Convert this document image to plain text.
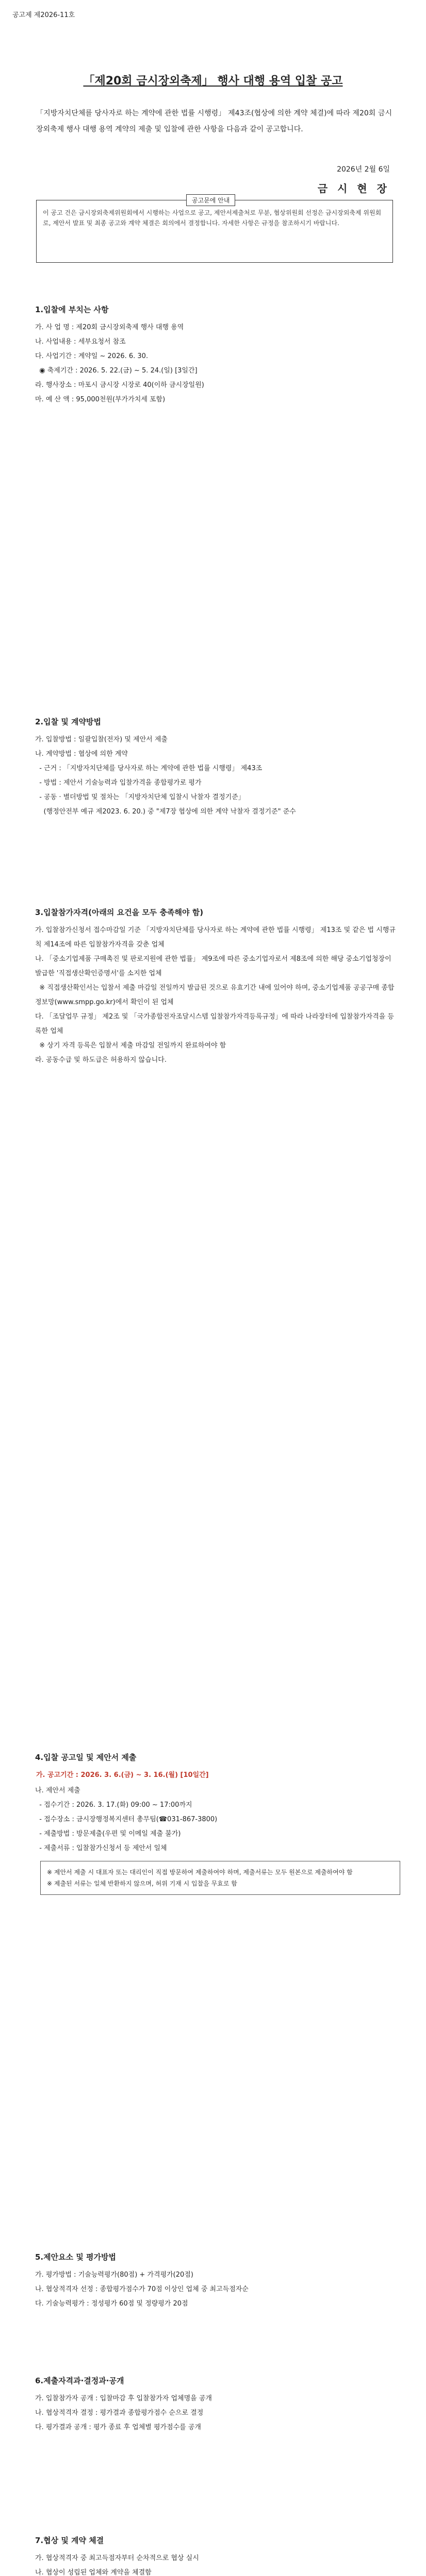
공고제 제2026-11호
「제20회 금시장외축제」 행사 대행 용역 입찰 공고
「지방자치단체를 당사자로 하는 계약에 관한 법률 시행령」 제43조(협상에 의한 계약 체결)에 따라 제20회 금시장외축제 행사 대행 용역 계약의 제출 및 입찰에 관한 사항을 다음과 같이 공고합니다.
2026년 2월 6일
금 시 현 장
공고문에 안내
이 공고 건은 금시장외축제위원회에서 시행하는 사업으로 공고, 제안서제출처로 무분, 협상위원회 선정은 금시장외축제 위원회로, 제안서 발표 및 최종 공고와 계약 체결은 회의에서 결정합니다. 자세한 사항은 규정을 참조하시기 바랍니다.
1.입찰에 부치는 사항
가. 사 업 명 : 제20회 금시장외축제 행사 대행 용역
나. 사업내용 : 세부요청서 참조
다. 사업기간 : 계약일 ~ 2026. 6. 30.
◉ 축제기간 : 2026. 5. 22.(금) ~ 5. 24.(일) [3일간]
라. 행사장소 : 마포시 금시장 시장로 40(이하 금시장일원)
마. 예 산 액 : 95,000천원(부가가치세 포함)
2.입찰 및 계약방법
가. 입찰방법 : 일괄입찰(전자) 및 제안서 제출
나. 계약방법 : 협상에 의한 계약
- 근거 : 「지방자치단체를 당사자로 하는 계약에 관한 법률 시행령」 제43조
- 방법 : 제안서 기술능력과 입찰가격을 종합평가로 평가
- 공동 · 별더방법 및 절차는 「지방자치단체 입찰시 낙찰자 결정기준」
(행정안전부 예규 제2023. 6. 20.) 중 "제7장 협상에 의한 계약 낙찰자 결정기준" 준수
3.입찰참가자격(아래의 요건을 모두 충족해야 함)
가. 입찰참가신청서 접수마감일 기준 「지방자치단체를 당사자로 하는 계약에 관한 법률 시행령」 제13조 및 같은 법 시행규칙 제14조에 따른 입찰참가자격을 갖춘 업체
나. 「중소기업제품 구매촉진 및 판로지원에 관한 법률」 제9조에 따른 중소기업자로서 제8조에 의한 해당 중소기업청장이 발급한 '직접생산확인증명서'를 소지한 업체
※ 직접생산확인서는 입찰서 제출 마감일 전일까지 발급된 것으로 유효기간 내에 있어야 하며, 중소기업제품 공공구매 종합정보망(www.smpp.go.kr)에서 확인이 된 업체
다. 「조달업무 규정」 제2조 및 「국가종합전자조달시스템 입찰참가자격등록규정」에 따라 나라장터에 입찰참가자격을 등록한 업체
※ 상기 자격 등록은 입찰서 제출 마감일 전일까지 완료하여야 함
라. 공동수급 및 하도급은 허용하지 않습니다.
4.입찰 공고일 및 제안서 제출
가. 공고기간 : 2026. 3. 6.(금) ~ 3. 16.(월) [10일간]
나. 제안서 제출
- 접수기간 : 2026. 3. 17.(화) 09:00 ~ 17:00까지
- 접수장소 : 금시장행정복지센터 총무팀(☎031-867-3800)
- 제출방법 : 방문제출(우편 및 이메일 제출 불가)
- 제출서류 : 입찰참가신청서 등 제안서 일체
※ 제안서 제출 시 대표자 또는 대리인이 직접 방문하여 제출하여야 하며, 제출서류는 모두 원본으로 제출하여야 함
※ 제출된 서류는 일체 반환하지 않으며, 허위 기재 시 입찰을 무효로 함
5.제안요소 및 평가방법
가. 평가방법 : 기술능력평가(80점) + 가격평가(20점)
나. 협상적격자 선정 : 종합평가점수가 70점 이상인 업체 중 최고득점자순
다. 기술능력평가 : 정성평가 60점 및 정량평가 20점
6.제출자격과·결정과·공개
가. 입찰참가자 공개 : 입찰마감 후 입찰참가자 업체명을 공개
나. 협상적격자 결정 : 평가결과 종합평가점수 순으로 결정
다. 평가결과 공개 : 평가 종료 후 업체별 평가점수를 공개
7.협상 및 계약 체결
가. 협상적격자 중 최고득점자부터 순차적으로 협상 실시
나. 협상이 성립된 업체와 계약을 체결함
